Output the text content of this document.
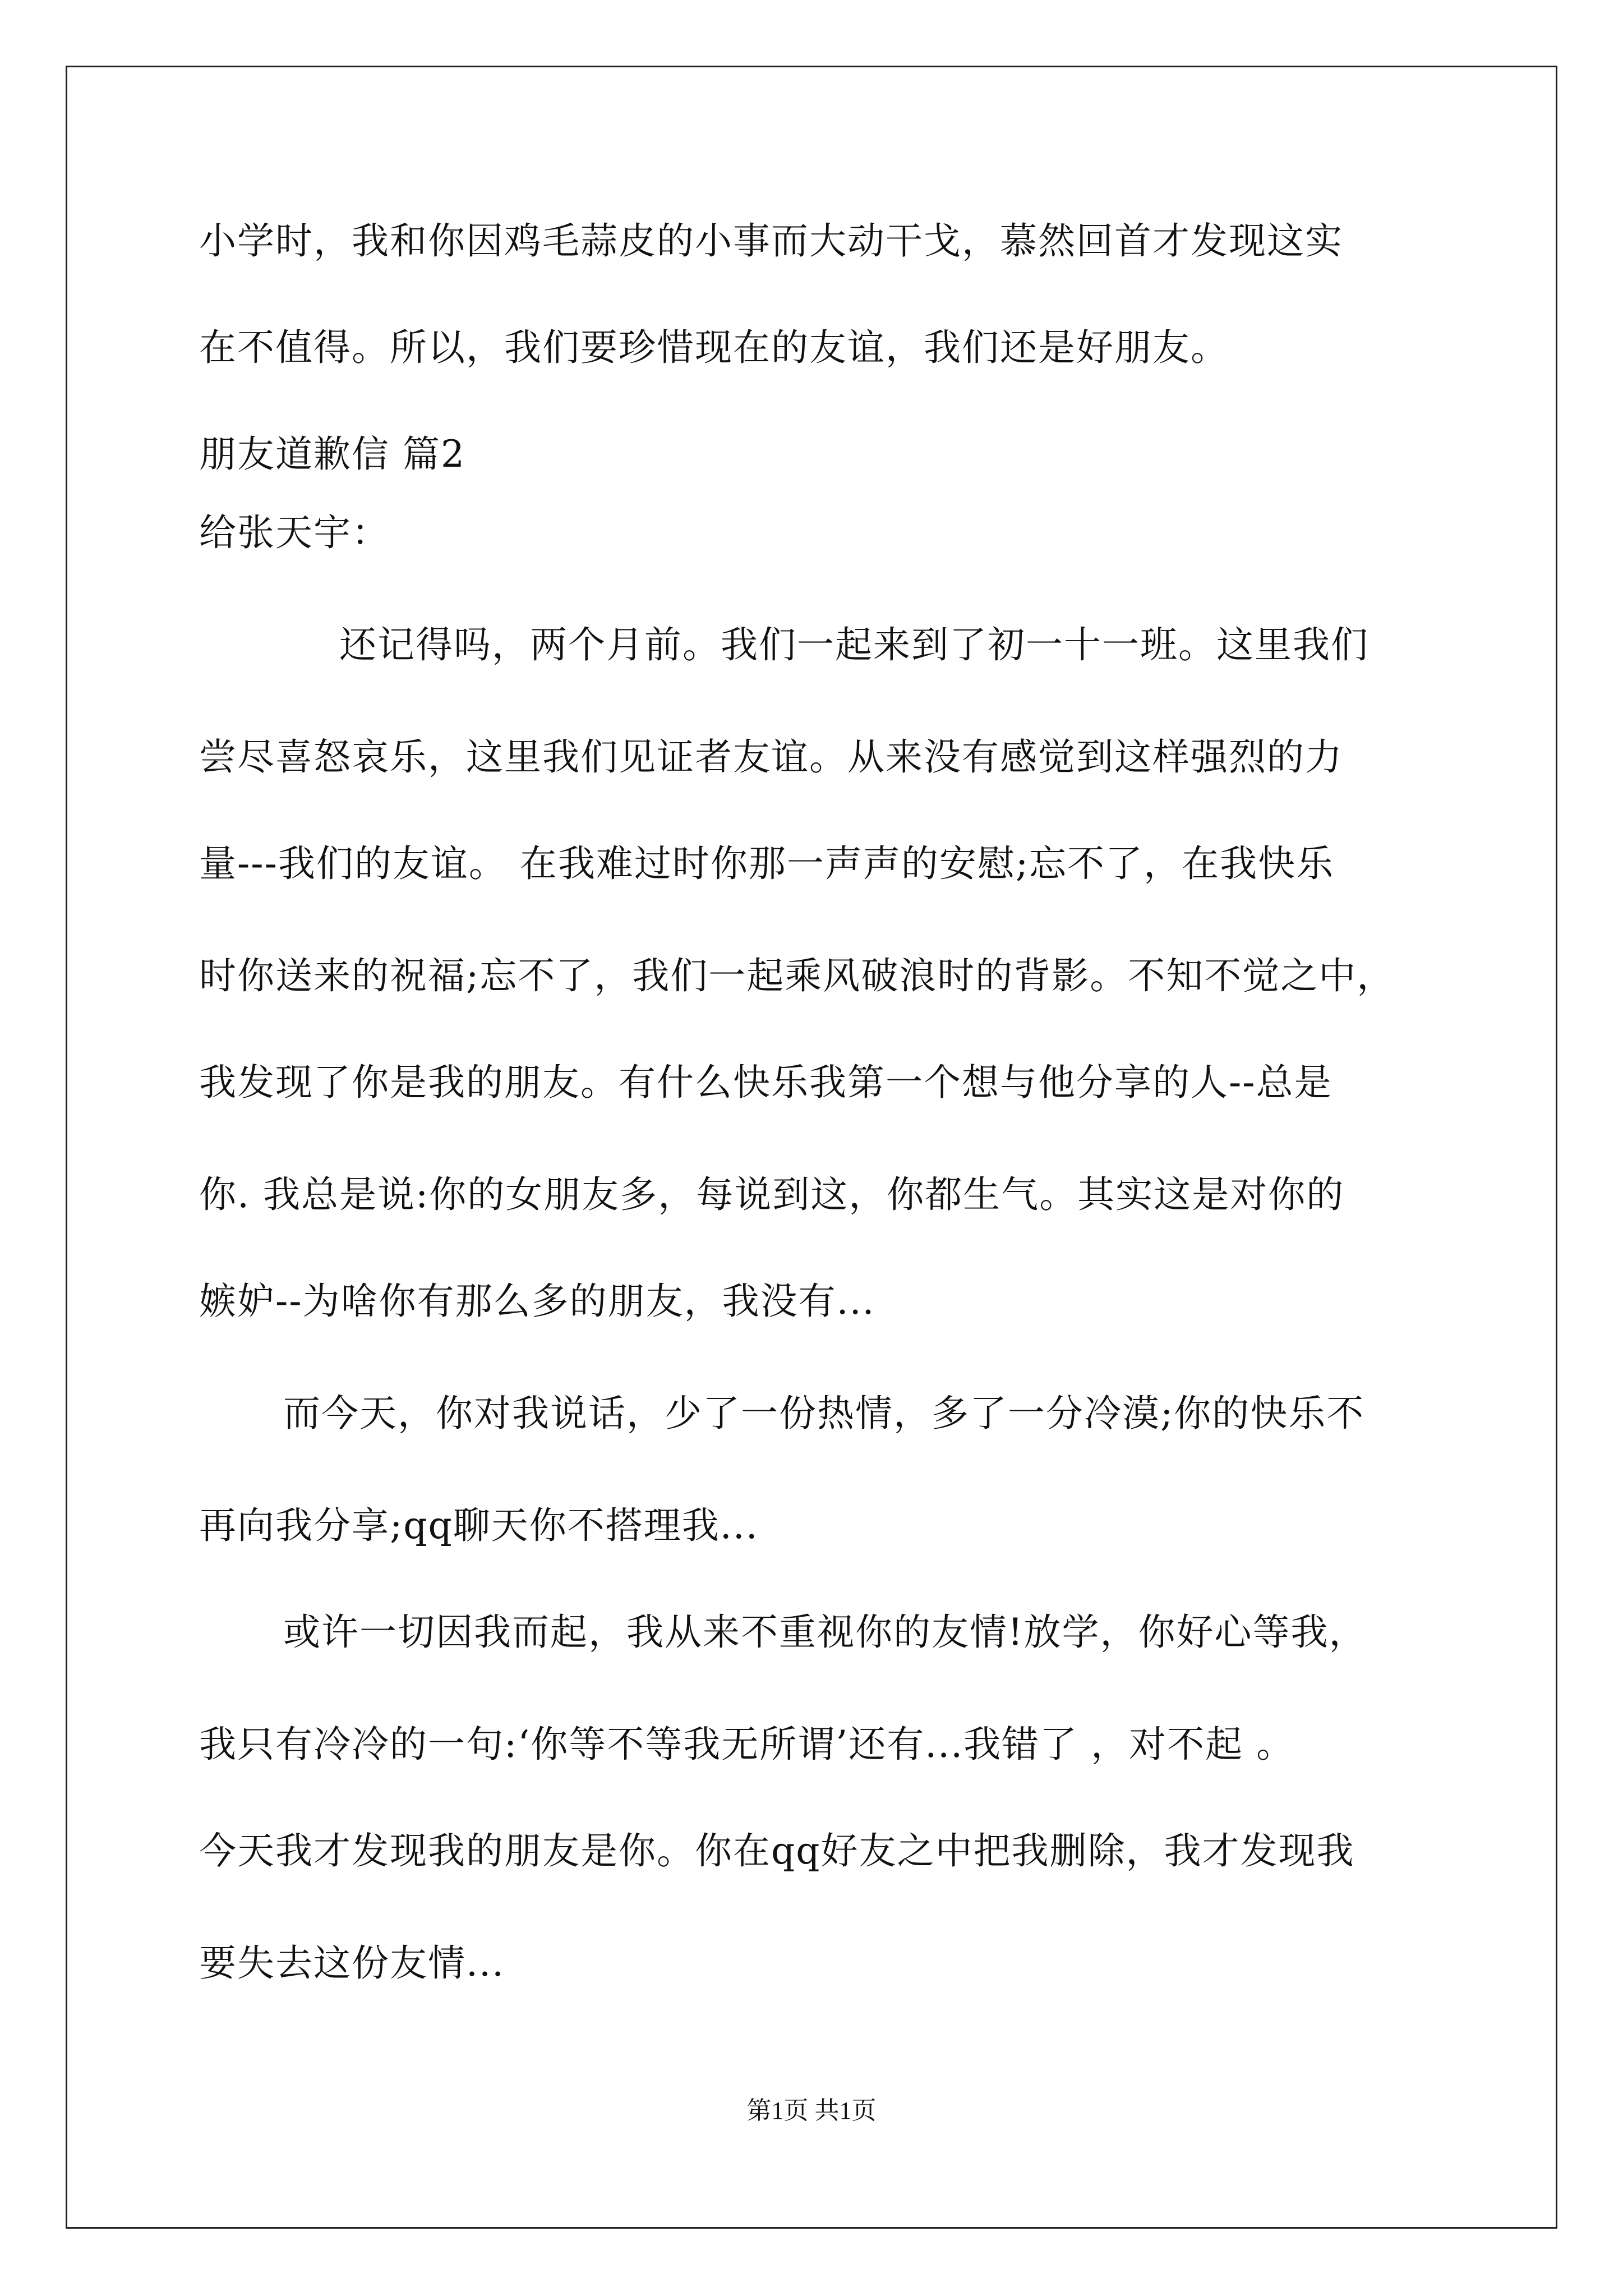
小学时，我和你因鸡毛蒜皮的小事而大动干戈，慕然回首才发现这实
在不值得。所以，我们要珍惜现在的友谊，我们还是好朋友。
朋友道歉信 篇2
给张天宇：
还记得吗，两个月前。我们一起来到了初一十一班。这里我们
尝尽喜怒哀乐，这里我们见证者友谊。从来没有感觉到这样强烈的力
量---我们的友谊。 在我难过时你那一声声的安慰;忘不了，在我快乐
时你送来的祝福;忘不了，我们一起乘风破浪时的背影。不知不觉之中，
我发现了你是我的朋友。有什么快乐我第一个想与他分享的人--总是
你. 我总是说:你的女朋友多，每说到这，你都生气。其实这是对你的
嫉妒--为啥你有那么多的朋友，我没有...
而今天，你对我说话，少了一份热情，多了一分冷漠;你的快乐不
再向我分享;qq聊天你不搭理我...
或许一切因我而起，我从来不重视你的友情!放学，你好心等我，
我只有冷冷的一句:‘你等不等我无所谓’还有...我错了 ，对不起 。
今天我才发现我的朋友是你。你在qq好友之中把我删除，我才发现我
要失去这份友情...
第1页 共1页
